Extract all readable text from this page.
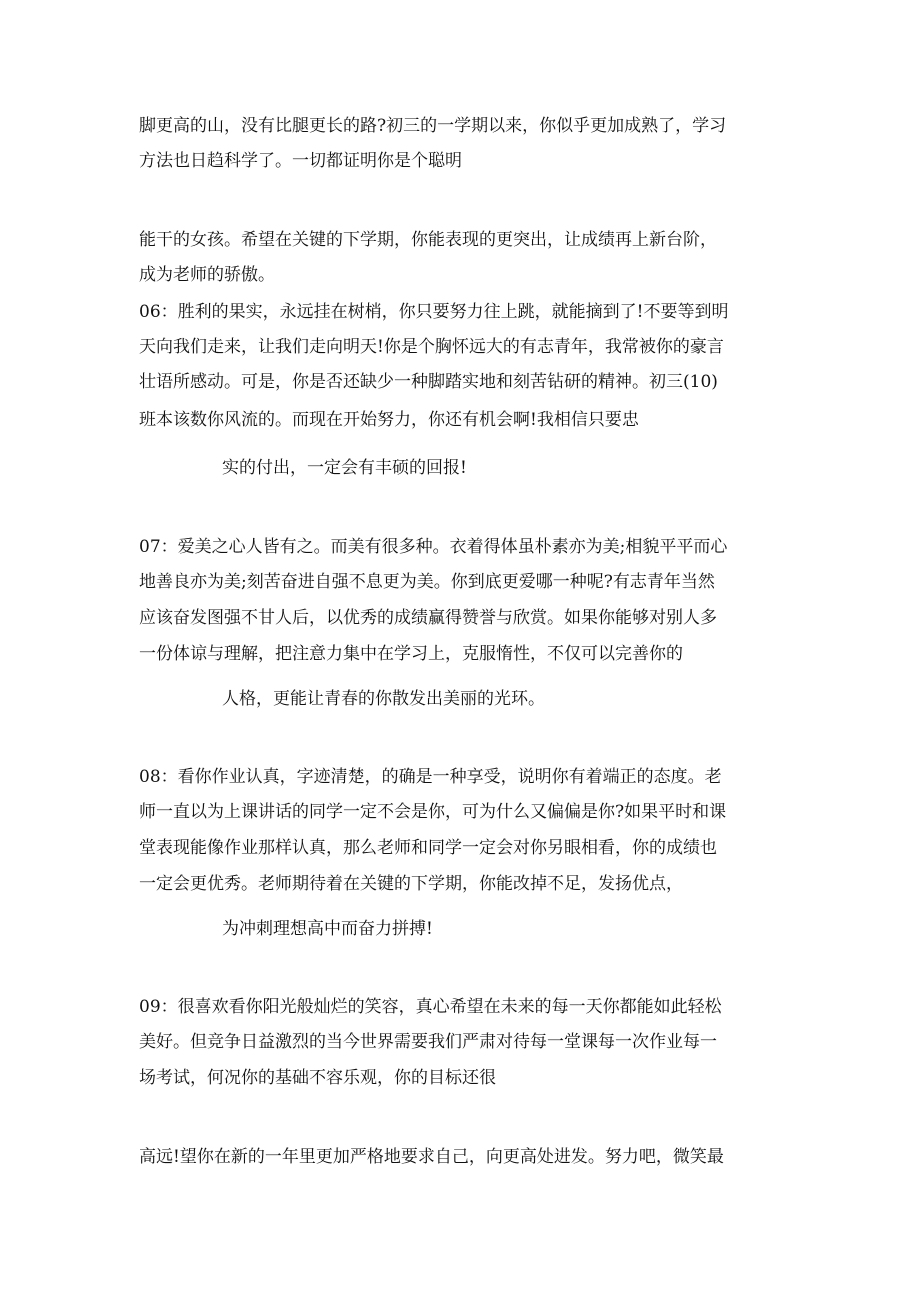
脚更高的山，没有比腿更长的路?初三的一学期以来，你似乎更加成熟了，学习
方法也日趋科学了。一切都证明你是个聪明
能干的女孩。希望在关键的下学期，你能表现的更突出，让成绩再上新台阶，
成为老师的骄傲。
06：胜利的果实，永远挂在树梢，你只要努力往上跳，就能摘到了!不要等到明
天向我们走来，让我们走向明天!你是个胸怀远大的有志青年，我常被你的豪言
壮语所感动。可是，你是否还缺少一种脚踏实地和刻苦钻研的精神。初三(10)
班本该数你风流的。而现在开始努力，你还有机会啊!我相信只要忠
实的付出，一定会有丰硕的回报!
07：爱美之心人皆有之。而美有很多种。衣着得体虽朴素亦为美;相貌平平而心
地善良亦为美;刻苦奋进自强不息更为美。你到底更爱哪一种呢?有志青年当然
应该奋发图强不甘人后，以优秀的成绩赢得赞誉与欣赏。如果你能够对别人多
一份体谅与理解，把注意力集中在学习上，克服惰性，不仅可以完善你的
人格，更能让青春的你散发出美丽的光环。
08：看你作业认真，字迹清楚，的确是一种享受，说明你有着端正的态度。老
师一直以为上课讲话的同学一定不会是你，可为什么又偏偏是你?如果平时和课
堂表现能像作业那样认真，那么老师和同学一定会对你另眼相看，你的成绩也
一定会更优秀。老师期待着在关键的下学期，你能改掉不足，发扬优点，
为冲刺理想高中而奋力拼搏!
09：很喜欢看你阳光般灿烂的笑容，真心希望在未来的每一天你都能如此轻松
美好。但竞争日益激烈的当今世界需要我们严肃对待每一堂课每一次作业每一
场考试，何况你的基础不容乐观，你的目标还很
高远!望你在新的一年里更加严格地要求自己，向更高处进发。努力吧，微笑最
